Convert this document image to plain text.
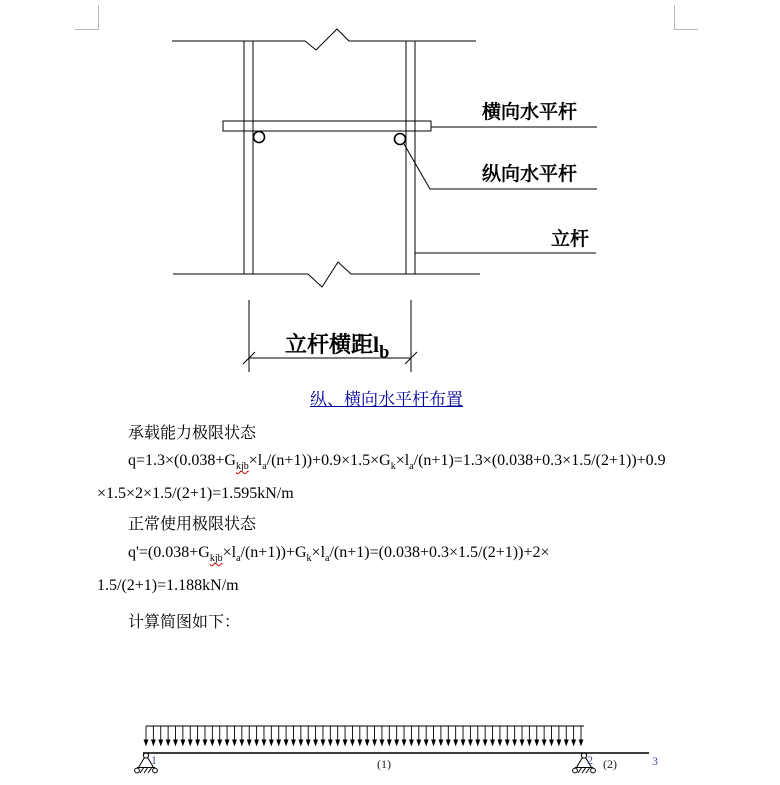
横向水平杆
纵向水平杆
立杆
立杆横距$l_b$
纵、横向水平杆布置
承载能力极限状态
$q=1.3\times(0.038+G_{kjb}\times l_a/(n+1))+0.9\times 1.5\times G_k\times l_a/(n+1)=1.3\times(0.038+0.3\times 1.5/(2+1))+0.9$
×1.5×2×1.5/(2+1)=1.595kN/m
正常使用极限状态
$q'=(0.038+G_{kjb}\times l_a/(n+1))+G_k\times l_a/(n+1)=(0.038+0.3\times 1.5/(2+1))+2\times$
1.5/(2+1)=1.188kN/m
计算简图如下：
1	2	3
(1)	(2)
